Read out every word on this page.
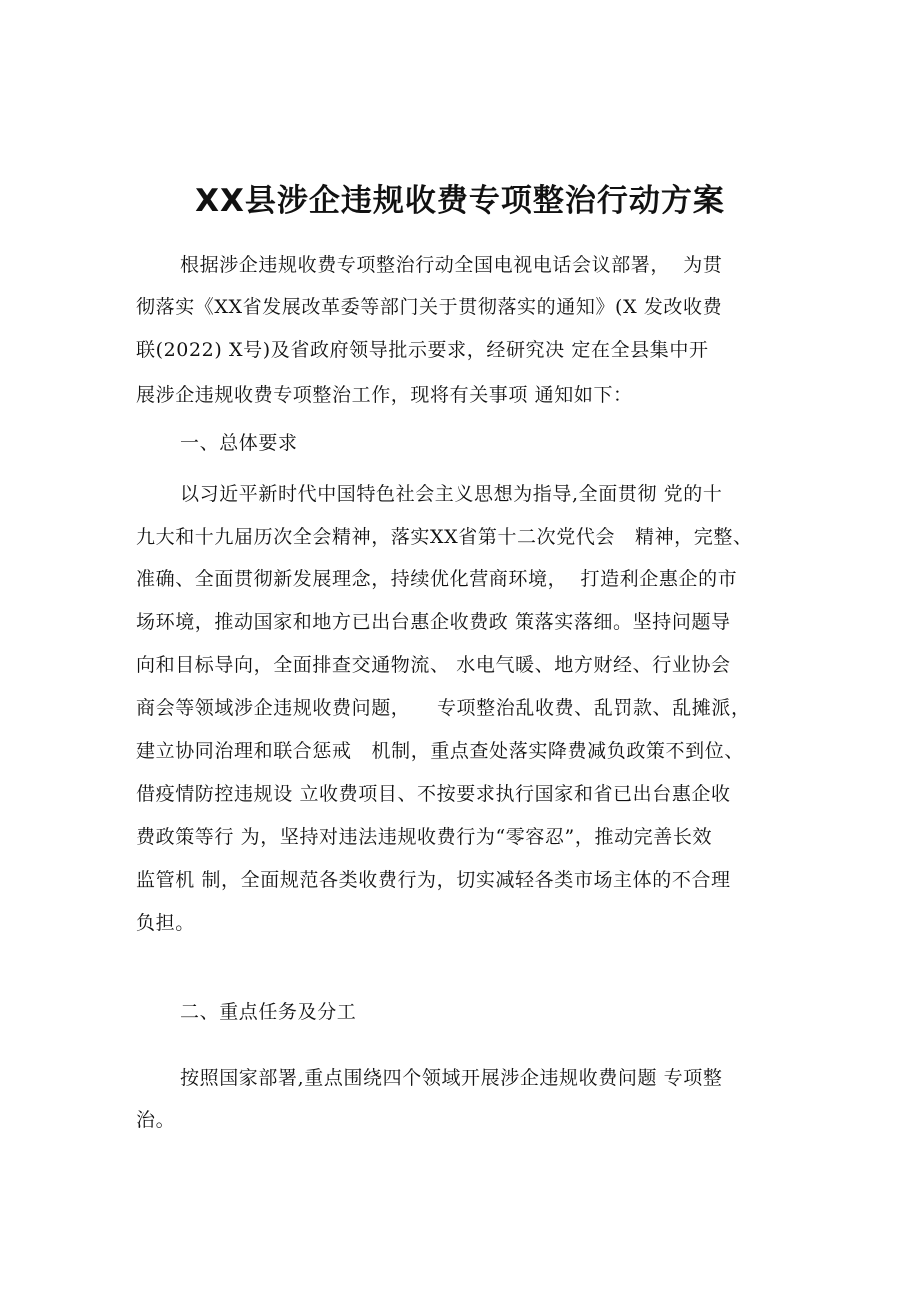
XX县涉企违规收费专项整治行动方案

根据涉企违规收费专项整治行动全国电视电话会议部署，  为贯

彻落实《XX省发展改革委等部门关于贯彻落实的通知》(X 发改收费

联(2022) X号)及省政府领导批示要求，经研究决 定在全县集中开

展涉企违规收费专项整治工作，现将有关事项 通知如下：

一、总体要求

以习近平新时代中国特色社会主义思想为指导,全面贯彻 党的十

九大和十九届历次全会精神，落实XX省第十二次党代会   精神，完整、

准确、全面贯彻新发展理念，持续优化营商环境，  打造利企惠企的市

场环境，推动国家和地方已出台惠企收费政 策落实落细。坚持问题导

向和目标导向，全面排查交通物流、 水电气暖、地方财经、行业协会

商会等领域涉企违规收费问题，    专项整治乱收费、乱罚款、乱摊派，

建立协同治理和联合惩戒   机制，重点查处落实降费减负政策不到位、

借疫情防控违规设 立收费项目、不按要求执行国家和省已出台惠企收

费政策等行 为，坚持对违法违规收费行为“零容忍”，推动完善长效

监管机 制，全面规范各类收费行为，切实减轻各类市场主体的不合理

负担。

二、重点任务及分工

按照国家部署,重点围绕四个领域开展涉企违规收费问题 专项整

治。
